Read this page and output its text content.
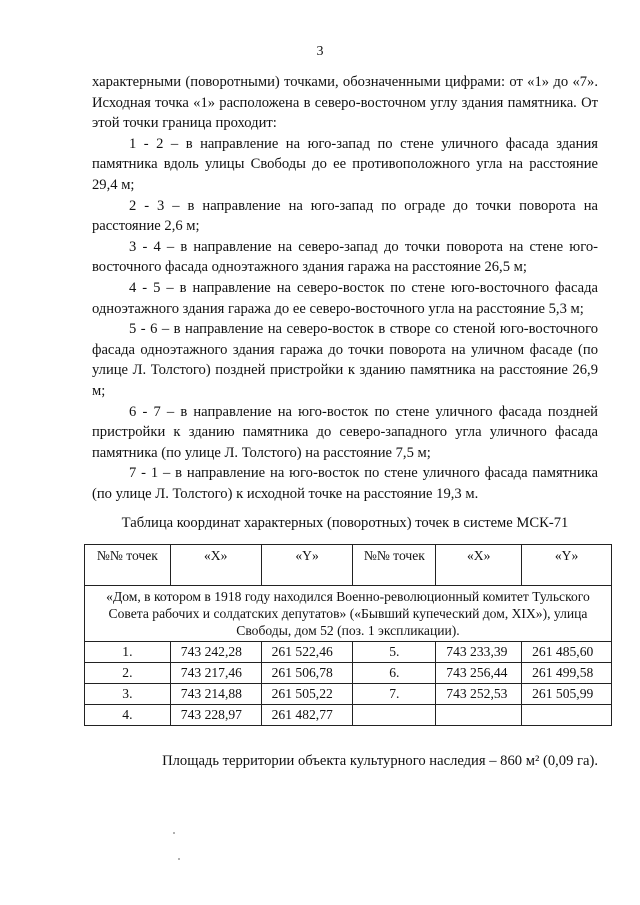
3

характерными (поворотными) точками, обозначенными цифрами: от «1» до «7». Исходная точка «1» расположена в северо-восточном углу здания памятника. От этой точки граница проходит:

1 - 2 – в направление на юго-запад по стене уличного фасада здания памятника вдоль улицы Свободы до ее противоположного угла на расстояние 29,4 м;

2 - 3 – в направление на юго-запад по ограде до точки поворота на расстояние 2,6 м;

3 - 4 – в направление на северо-запад до точки поворота на стене юго-восточного фасада одноэтажного здания гаража на расстояние 26,5 м;

4 - 5 – в направление на северо-восток по стене юго-восточного фасада одноэтажного здания гаража до ее северо-восточного угла на расстояние 5,3 м;

5 - 6 – в направление на северо-восток в створе со стеной юго-восточного фасада одноэтажного здания гаража до точки поворота на уличном фасаде (по улице Л. Толстого) поздней пристройки к зданию памятника на расстояние 26,9 м;

6 - 7 – в направление на юго-восток по стене уличного фасада поздней пристройки к зданию памятника до северо-западного угла уличного фасада памятника (по улице Л. Толстого) на расстояние 7,5 м;

7 - 1 – в направление на юго-восток по стене уличного фасада памятника (по улице Л. Толстого) к исходной точке на расстояние 19,3 м.

Таблица координат характерных (поворотных) точек в системе МСК-71
№№ точек	«X»	«Y»	№№ точек	«X»	«Y»
«Дом, в котором в 1918 году находился Военно-революционный комитет Тульского Совета рабочих и солдатских депутатов» («Бывший купеческий дом, XIX»), улица Свободы, дом 52 (поз. 1 экспликации).					
1.	743 242,28	261 522,46	5.	743 233,39	261 485,60
2.	743 217,46	261 506,78	6.	743 256,44	261 499,58
3.	743 214,88	261 505,22	7.	743 252,53	261 505,99
4.	743 228,97	261 482,77			
Площадь территории объекта культурного наследия – 860 м² (0,09 га).
